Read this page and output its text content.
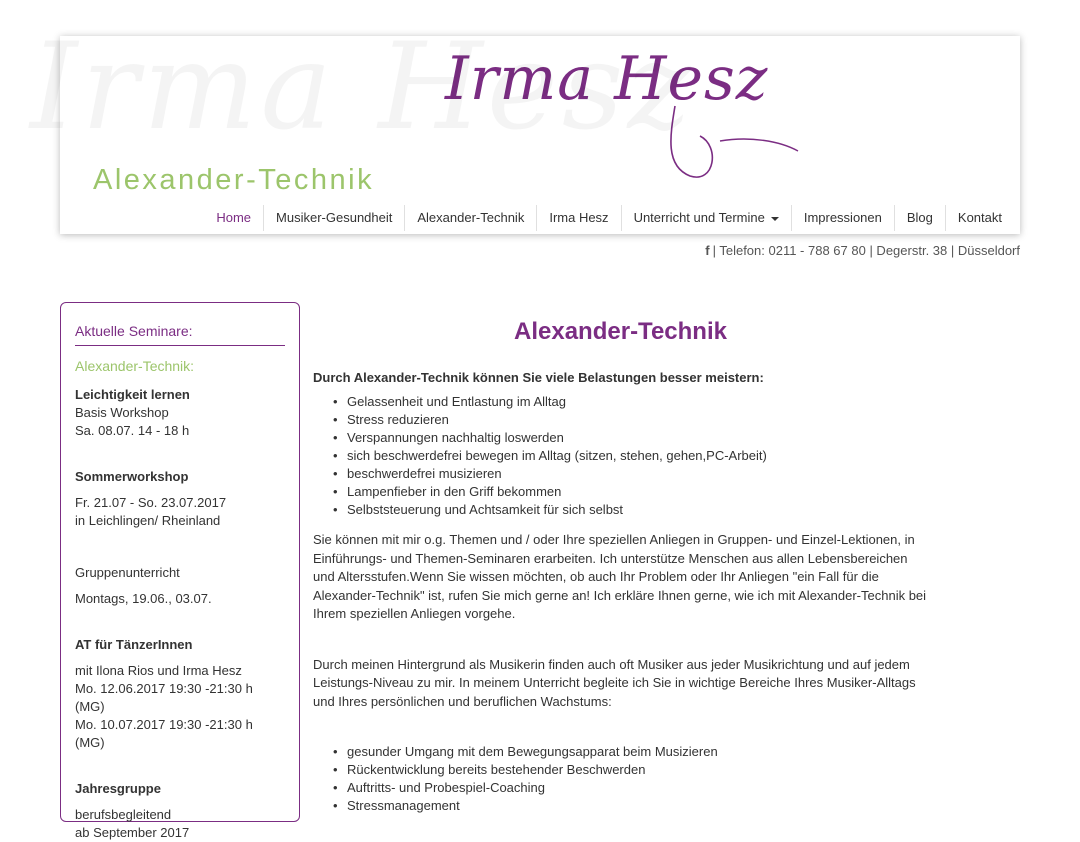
Irma Hesz
Alexander-Technik
Home	Musiker-Gesundheit	Alexander-Technik	Irma Hesz	Unterricht und Termine	Impressionen	Blog	Kontakt
f | Telefon: 0211 - 788 67 80 | Degerstr. 38 | Düsseldorf
Aktuelle Seminare:
Alexander-Technik:
Leichtigkeit lernen
Basis Workshop
Sa. 08.07. 14 - 18 h
Sommerworkshop
Fr. 21.07 - So. 23.07.2017
in Leichlingen/ Rheinland
Gruppenunterricht
Montags, 19.06., 03.07.
AT für TänzerInnen
mit Ilona Rios und Irma Hesz
Mo. 12.06.2017 19:30 -21:30 h (MG)
Mo. 10.07.2017 19:30 -21:30 h (MG)
Jahresgruppe
berufsbegleitend
ab September 2017
Alexander-Technik
Durch Alexander-Technik können Sie viele Belastungen besser meistern:
• Gelassenheit und Entlastung im Alltag
• Stress reduzieren
• Verspannungen nachhaltig loswerden
• sich beschwerdefrei bewegen im Alltag (sitzen, stehen, gehen,PC-Arbeit)
• beschwerdefrei musizieren
• Lampenfieber in den Griff bekommen
• Selbststeuerung und Achtsamkeit für sich selbst

Sie können mit mir o.g. Themen und / oder Ihre speziellen Anliegen in Gruppen- und Einzel-Lektionen, in Einführungs- und Themen-Seminaren erarbeiten. Ich unterstütze Menschen aus allen Lebensbereichen und Altersstufen.Wenn Sie wissen möchten, ob auch Ihr Problem oder Ihr Anliegen "ein Fall für die Alexander-Technik" ist, rufen Sie mich gerne an! Ich erkläre Ihnen gerne, wie ich mit Alexander-Technik bei Ihrem speziellen Anliegen vorgehe.

Durch meinen Hintergrund als Musikerin finden auch oft Musiker aus jeder Musikrichtung und auf jedem Leistungs-Niveau zu mir. In meinem Unterricht begleite ich Sie in wichtige Bereiche Ihres Musiker-Alltags und Ihres persönlichen und beruflichen Wachstums:

• gesunder Umgang mit dem Bewegungsapparat beim Musizieren
• Rückentwicklung bereits bestehender Beschwerden
• Auftritts- und Probespiel-Coaching
• Stressmanagement
